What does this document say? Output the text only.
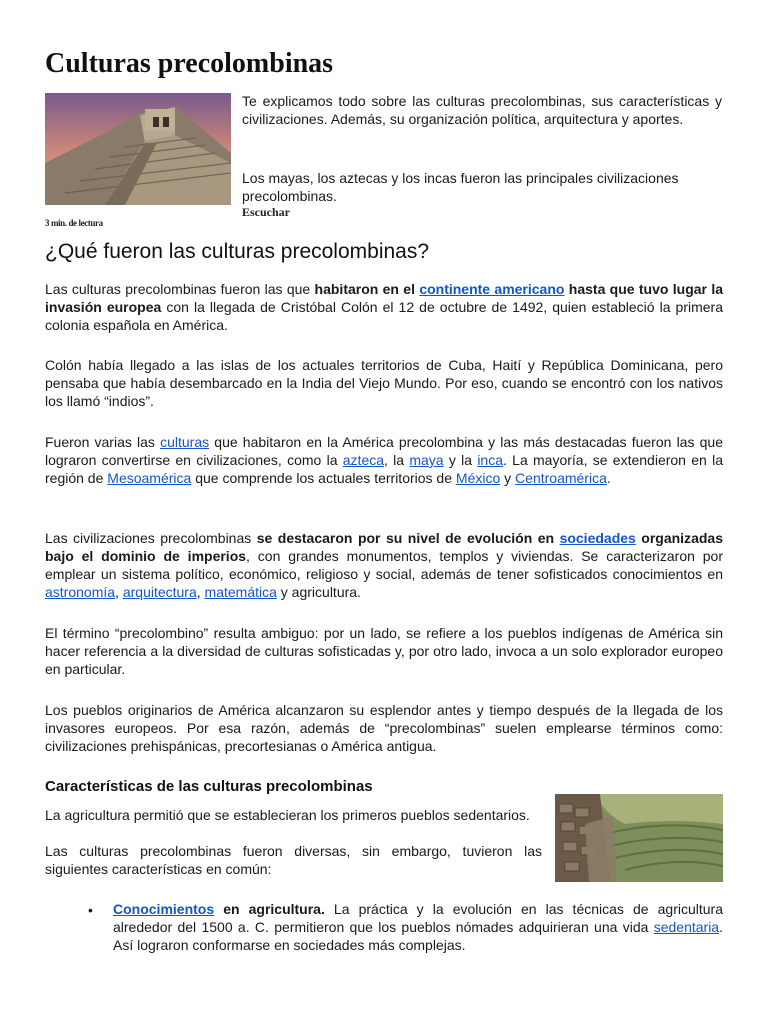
Culturas precolombinas
3 min. de lectura

Te explicamos todo sobre las culturas precolombinas, sus características y civilizaciones. Además, su organización política, arquitectura y aportes.

Los mayas, los aztecas y los incas fueron las principales civilizaciones precolombinas.

Escuchar
¿Qué fueron las culturas precolombinas?

Las culturas precolombinas fueron las que habitaron en el continente americano hasta que tuvo lugar la invasión europea con la llegada de Cristóbal Colón el 12 de octubre de 1492, quien estableció la primera colonia española en América.

Colón había llegado a las islas de los actuales territorios de Cuba, Haití y República Dominicana, pero pensaba que había desembarcado en la India del Viejo Mundo. Por eso, cuando se encontró con los nativos los llamó “indios”.

Fueron varias las culturas que habitaron en la América precolombina y las más destacadas fueron las que lograron convertirse en civilizaciones, como la azteca, la maya y la inca. La mayoría, se extendieron en la región de Mesoamérica que comprende los actuales territorios de México y Centroamérica.

Las civilizaciones precolombinas se destacaron por su nivel de evolución en sociedades organizadas bajo el dominio de imperios, con grandes monumentos, templos y viviendas. Se caracterizaron por emplear un sistema político, económico, religioso y social, además de tener sofisticados conocimientos en astronomía, arquitectura, matemática y agricultura.

El término “precolombino” resulta ambiguo: por un lado, se refiere a los pueblos indígenas de América sin hacer referencia a la diversidad de culturas sofisticadas y, por otro lado, invoca a un solo explorador europeo en particular.

Los pueblos originarios de América alcanzaron su esplendor antes y tiempo después de la llegada de los invasores europeos. Por esa razón, además de “precolombinas” suelen emplearse términos como: civilizaciones prehispánicas, precortesianas o América antigua.

Características de las culturas precolombinas

La agricultura permitió que se establecieran los primeros pueblos sedentarios.

Las culturas precolombinas fueron diversas, sin embargo, tuvieron las siguientes características en común:

• Conocimientos en agricultura. La práctica y la evolución en las técnicas de agricultura alrededor del 1500 a. C. permitieron que los pueblos nómades adquirieran una vida sedentaria. Así lograron conformarse en sociedades más complejas.
